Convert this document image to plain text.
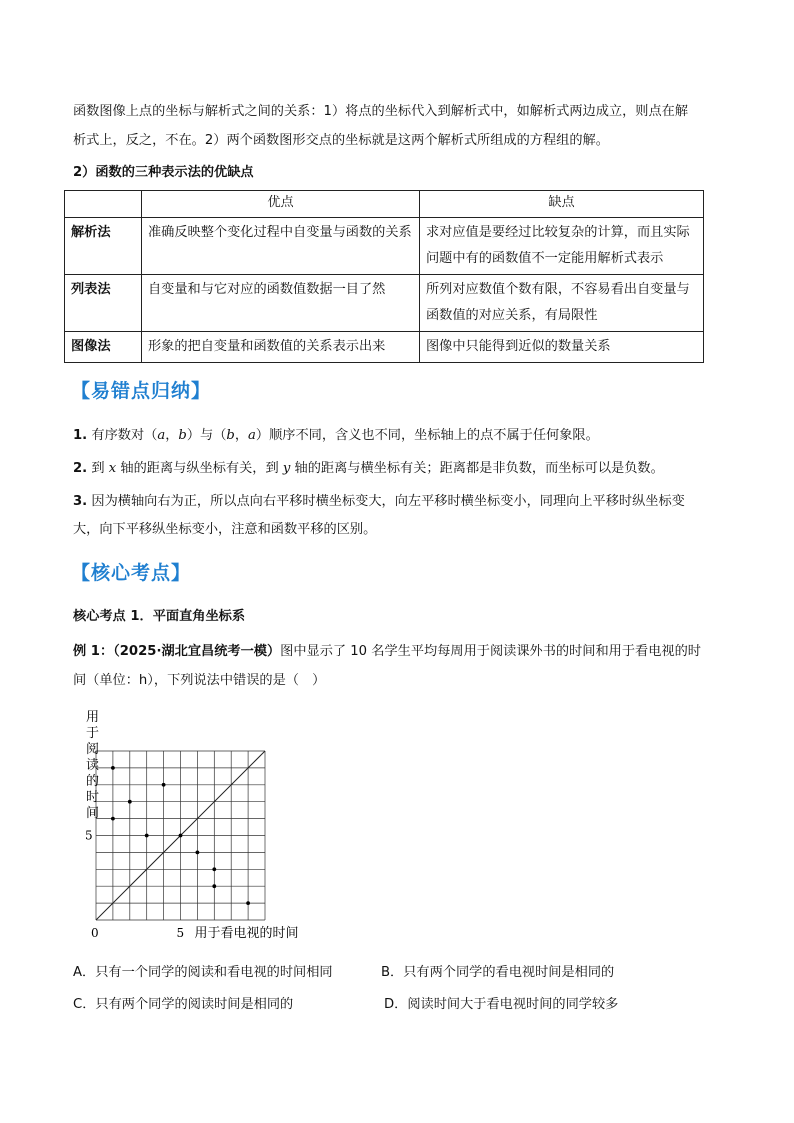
函数图像上点的坐标与解析式之间的关系：1）将点的坐标代入到解析式中，如解析式两边成立，则点在解
析式上，反之，不在。2）两个函数图形交点的坐标就是这两个解析式所组成的方程组的解。
2）函数的三种表示法的优缺点
	优点	缺点
解析法	准确反映整个变化过程中自变量与函数的关系	求对应值是要经过比较复杂的计算，而且实际问题中有的函数值不一定能用解析式表示
列表法	自变量和与它对应的函数值数据一目了然	所列对应数值个数有限，不容易看出自变量与函数值的对应关系，有局限性
图像法	形象的把自变量和函数值的关系表示出来	图像中只能得到近似的数量关系
【易错点归纳】
1. 有序数对（a，b）与（b，a）顺序不同，含义也不同，坐标轴上的点不属于任何象限。
2. 到 x 轴的距离与纵坐标有关，到 y 轴的距离与横坐标有关；距离都是非负数，而坐标可以是负数。
3. 因为横轴向右为正，所以点向右平移时横坐标变大，向左平移时横坐标变小，同理向上平移时纵坐标变
大，向下平移纵坐标变小，注意和函数平移的区别。
【核心考点】
核心考点 1．平面直角坐标系
例 1：（2025·湖北宜昌统考一模）图中显示了 10 名学生平均每周用于阅读课外书的时间和用于看电视的时
间（单位：h），下列说法中错误的是（　）
0	5
5
用于阅读的时间
用于看电视的时间
A．只有一个同学的阅读和看电视的时间相同	B．只有两个同学的看电视时间是相同的
C．只有两个同学的阅读时间是相同的	D．阅读时间大于看电视时间的同学较多
